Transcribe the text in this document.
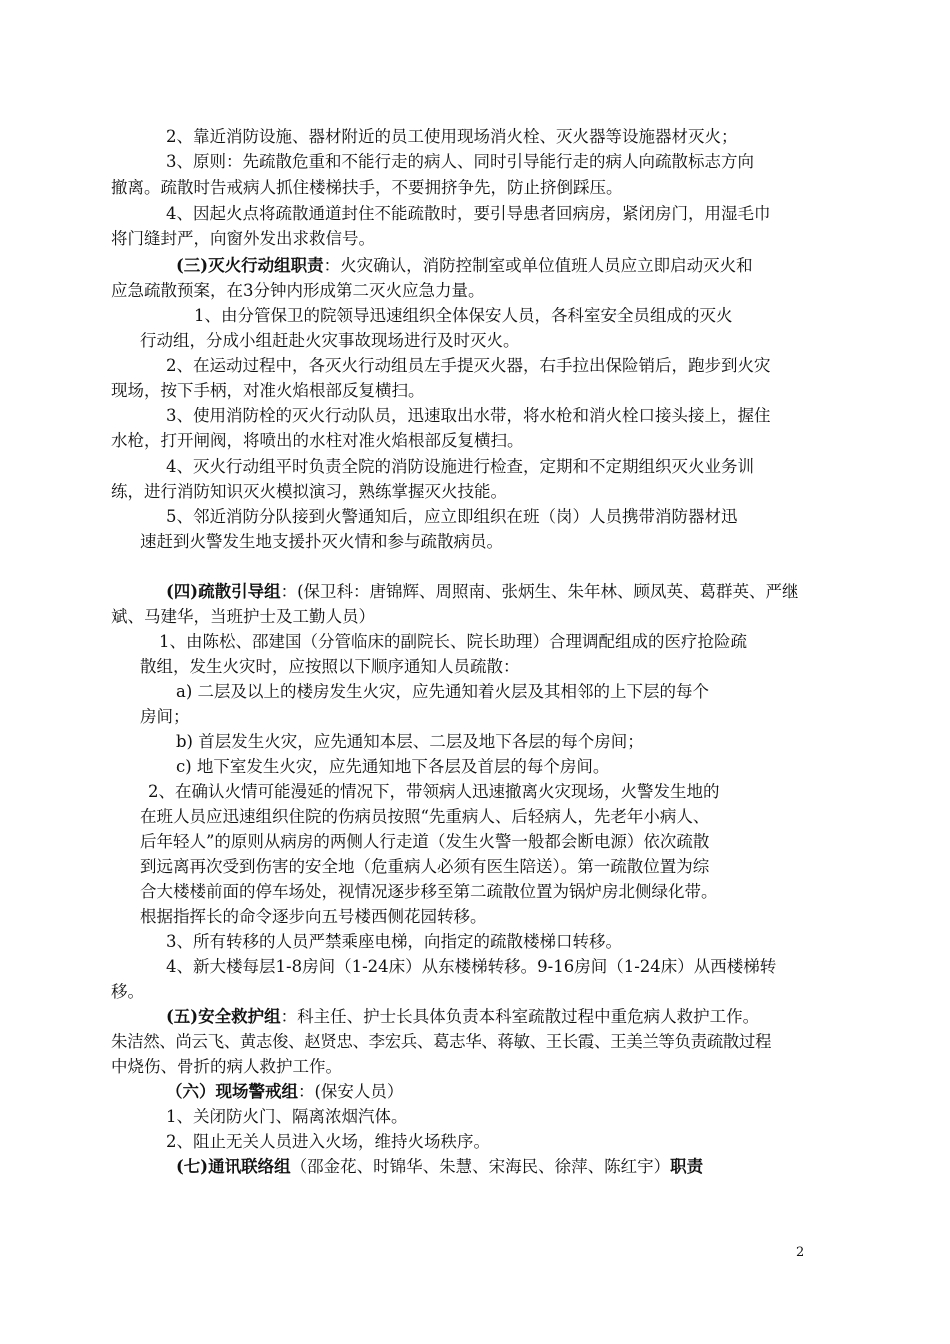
2、靠近消防设施、器材附近的员工使用现场消火栓、灭火器等设施器材灭火；
3、原则：先疏散危重和不能行走的病人、同时引导能行走的病人向疏散标志方向
撤离。疏散时告戒病人抓住楼梯扶手，不要拥挤争先，防止挤倒踩压。
4、因起火点将疏散通道封住不能疏散时，要引导患者回病房，紧闭房门，用湿毛巾
将门缝封严，向窗外发出求救信号。
(三)灭火行动组职责：火灾确认，消防控制室或单位值班人员应立即启动灭火和
应急疏散预案，在3分钟内形成第二灭火应急力量。
1、由分管保卫的院领导迅速组织全体保安人员，各科室安全员组成的灭火
行动组，分成小组赶赴火灾事故现场进行及时灭火。
2、在运动过程中，各灭火行动组员左手提灭火器，右手拉出保险销后，跑步到火灾
现场，按下手柄，对准火焰根部反复横扫。
3、使用消防栓的灭火行动队员，迅速取出水带，将水枪和消火栓口接头接上，握住
水枪，打开闸阀，将喷出的水柱对准火焰根部反复横扫。
4、灭火行动组平时负责全院的消防设施进行检查，定期和不定期组织灭火业务训
练，进行消防知识灭火模拟演习，熟练掌握灭火技能。
5、邻近消防分队接到火警通知后，应立即组织在班（岗）人员携带消防器材迅
速赶到火警发生地支援扑灭火情和参与疏散病员。
(四)疏散引导组：(保卫科：唐锦辉、周照南、张炳生、朱年林、顾凤英、葛群英、严继
斌、马建华，当班护士及工勤人员）
1、由陈松、邵建国（分管临床的副院长、院长助理）合理调配组成的医疗抢险疏
散组，发生火灾时，应按照以下顺序通知人员疏散：
a) 二层及以上的楼房发生火灾，应先通知着火层及其相邻的上下层的每个
房间；
b) 首层发生火灾，应先通知本层、二层及地下各层的每个房间；
c) 地下室发生火灾，应先通知地下各层及首层的每个房间。
2、在确认火情可能漫延的情况下，带领病人迅速撤离火灾现场，火警发生地的
在班人员应迅速组织住院的伤病员按照“先重病人、后轻病人，先老年小病人、
后年轻人”的原则从病房的两侧人行走道（发生火警一般都会断电源）依次疏散
到远离再次受到伤害的安全地（危重病人必须有医生陪送）。第一疏散位置为综
合大楼楼前面的停车场处，视情况逐步移至第二疏散位置为锅炉房北侧绿化带。
根据指挥长的命令逐步向五号楼西侧花园转移。
3、所有转移的人员严禁乘座电梯，向指定的疏散楼梯口转移。
4、新大楼每层1-8房间（1-24床）从东楼梯转移。9-16房间（1-24床）从西楼梯转
移。
(五)安全救护组：科主任、护士长具体负责本科室疏散过程中重危病人救护工作。
朱洁然、尚云飞、黄志俊、赵贤忠、李宏兵、葛志华、蒋敏、王长霞、王美兰等负责疏散过程
中烧伤、骨折的病人救护工作。
（六）现场警戒组：(保安人员）
1、关闭防火门、隔离浓烟汽体。
2、阻止无关人员进入火场，维持火场秩序。
(七)通讯联络组（邵金花、时锦华、朱慧、宋海民、徐萍、陈红宇）职责
2
